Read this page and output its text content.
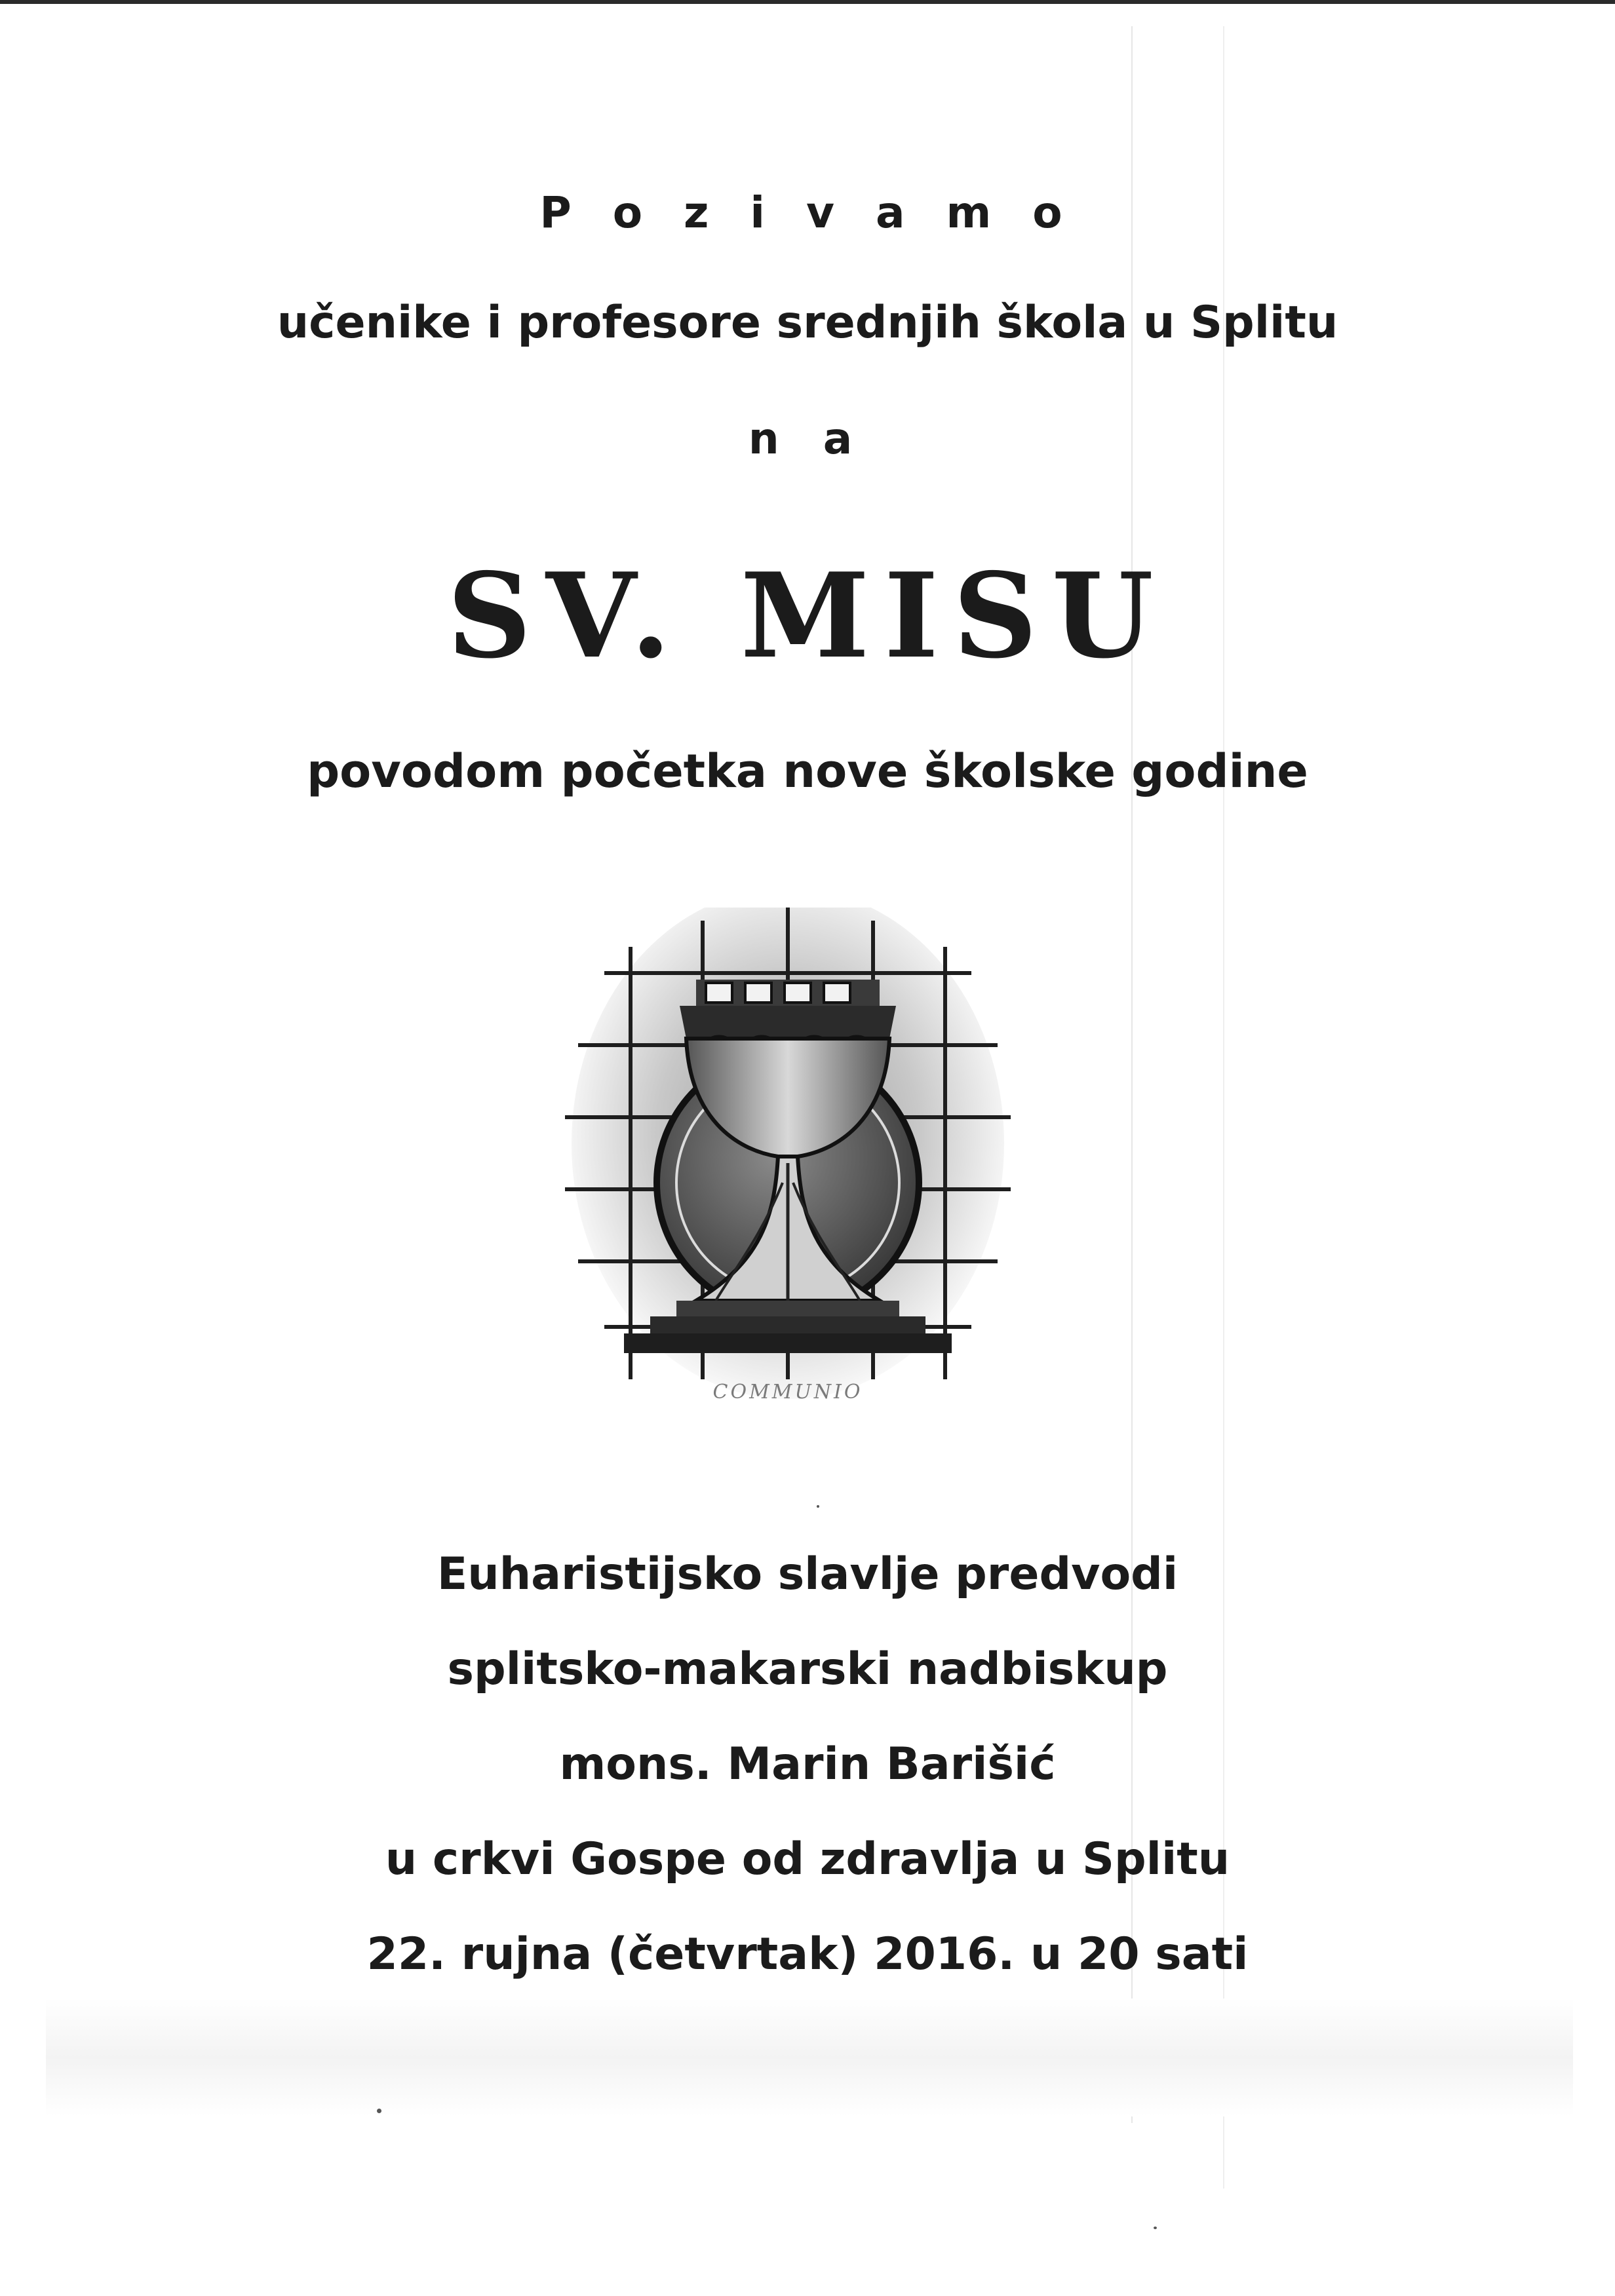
P o z i v a m o
učenike i profesore srednjih škola u Splitu
n a
SV. MISU
povodom početka nove školske godine
COMMUNIO
Euharistijsko slavlje predvodi
splitsko-makarski nadbiskup
mons. Marin Barišić
u crkvi Gospe od zdravlja u Splitu
22. rujna (četvrtak) 2016. u 20 sati
